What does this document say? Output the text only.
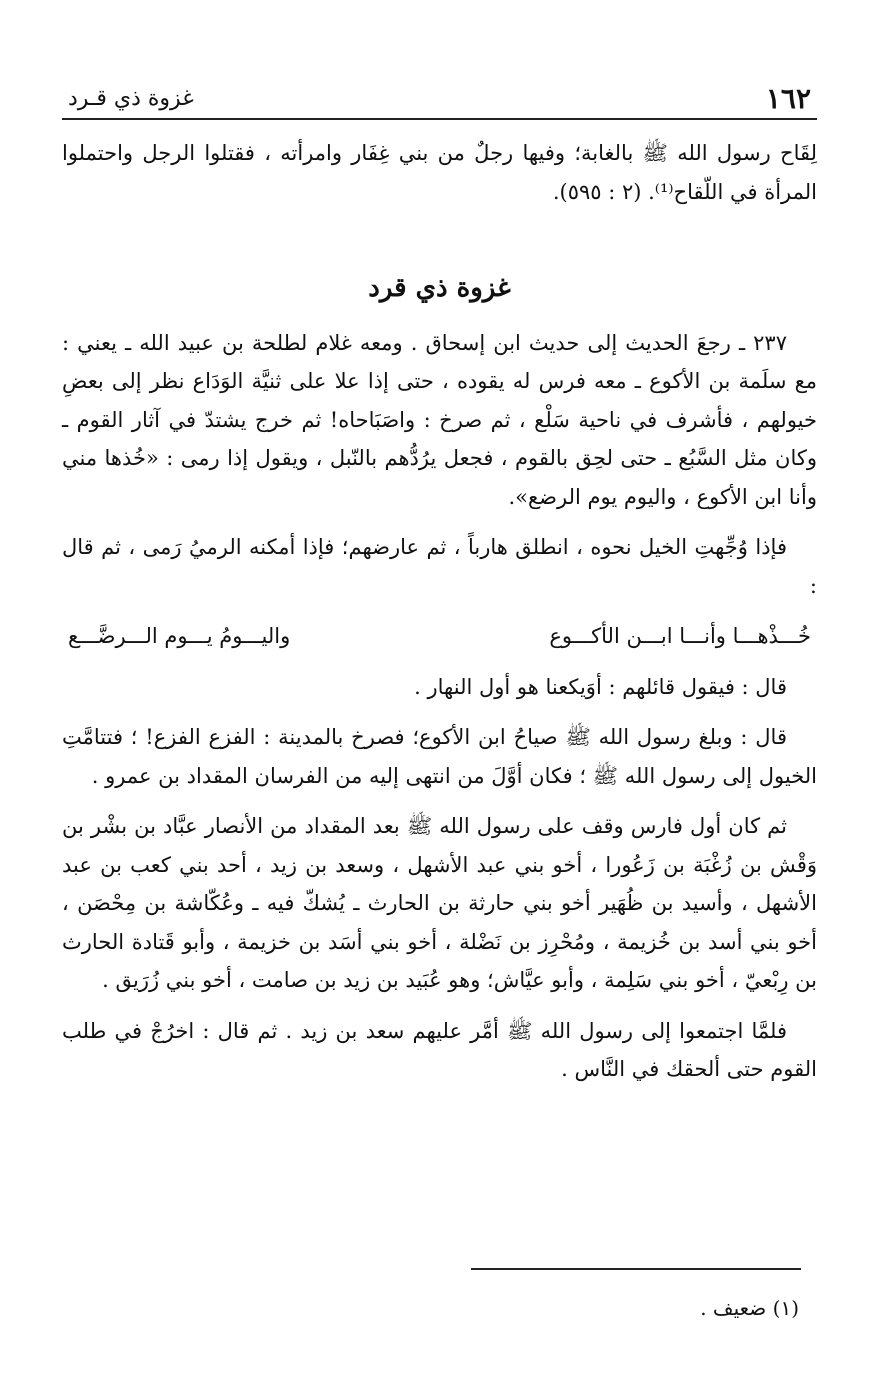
١٦٢
غزوة ذي قـرد

لِقَاح رسول الله ﷺ بالغابة؛ وفيها رجلٌ من بني غِفَار وامرأته ، فقتلوا الرجل واحتملوا المرأة في اللّقاح⁽¹⁾. (٢ : ٥٩٥).

غزوة ذي قرد

٢٣٧ ـ رجعَ الحديث إلى حديث ابن إسحاق . ومعه غلام لطلحة بن عبيد الله ـ يعني : مع سلَمة بن الأكوع ـ معه فرس له يقوده ، حتى إذا علا على ثنيَّة الوَدَاع نظر إلى بعضِ خيولهم ، فأشرف في ناحية سَلْع ، ثم صرخ : واصَبَاحاه! ثم خرج يشتدّ في آثار القوم ـ وكان مثل السَّبُع ـ حتى لحِق بالقوم ، فجعل يرُدُّهم بالنّبل ، ويقول إذا رمى : «خُذها مني وأنا ابن الأكوع ، واليوم يوم الرضع».

فإذا وُجِّهتِ الخيل نحوه ، انطلق هارباً ، ثم عارضهم؛ فإذا أمكنه الرميُ رَمى ، ثم قال :

خُـــذْهـــا وأنـــا ابـــن الأكـــوع
واليـــومُ يـــوم الـــرضَّـــع

قال : فيقول قائلهم : أوَيكعنا هو أول النهار .

قال : وبلغ رسول الله ﷺ صياحُ ابن الأكوع؛ فصرخ بالمدينة : الفزع الفزع! ؛ فتتامَّتِ الخيول إلى رسول الله ﷺ ؛ فكان أوَّلَ من انتهى إليه من الفرسان المقداد بن عمرو .

ثم كان أول فارس وقف على رسول الله ﷺ بعد المقداد من الأنصار عبَّاد بن بشْر بن وَقْش بن زُغْبَة بن زَعُورا ، أخو بني عبد الأشهل ، وسعد بن زيد ، أحد بني كعب بن عبد الأشهل ، وأسيد بن ظُهَير أخو بني حارثة بن الحارث ـ يُشكّ فيه ـ وعُكّاشة بن مِحْصَن ، أخو بني أسد بن خُزيمة ، ومُحْرِز بن نَضْلة ، أخو بني أسَد بن خزيمة ، وأبو قَتادة الحارث بن رِبْعيّ ، أخو بني سَلِمة ، وأبو عيَّاش؛ وهو عُبَيد بن زيد بن صامت ، أخو بني زُرَيق .

فلمَّا اجتمعوا إلى رسول الله ﷺ أمَّر عليهم سعد بن زيد . ثم قال : اخرُجْ في طلب القوم حتى ألحقك في النَّاس .

(١) ضعيف .
